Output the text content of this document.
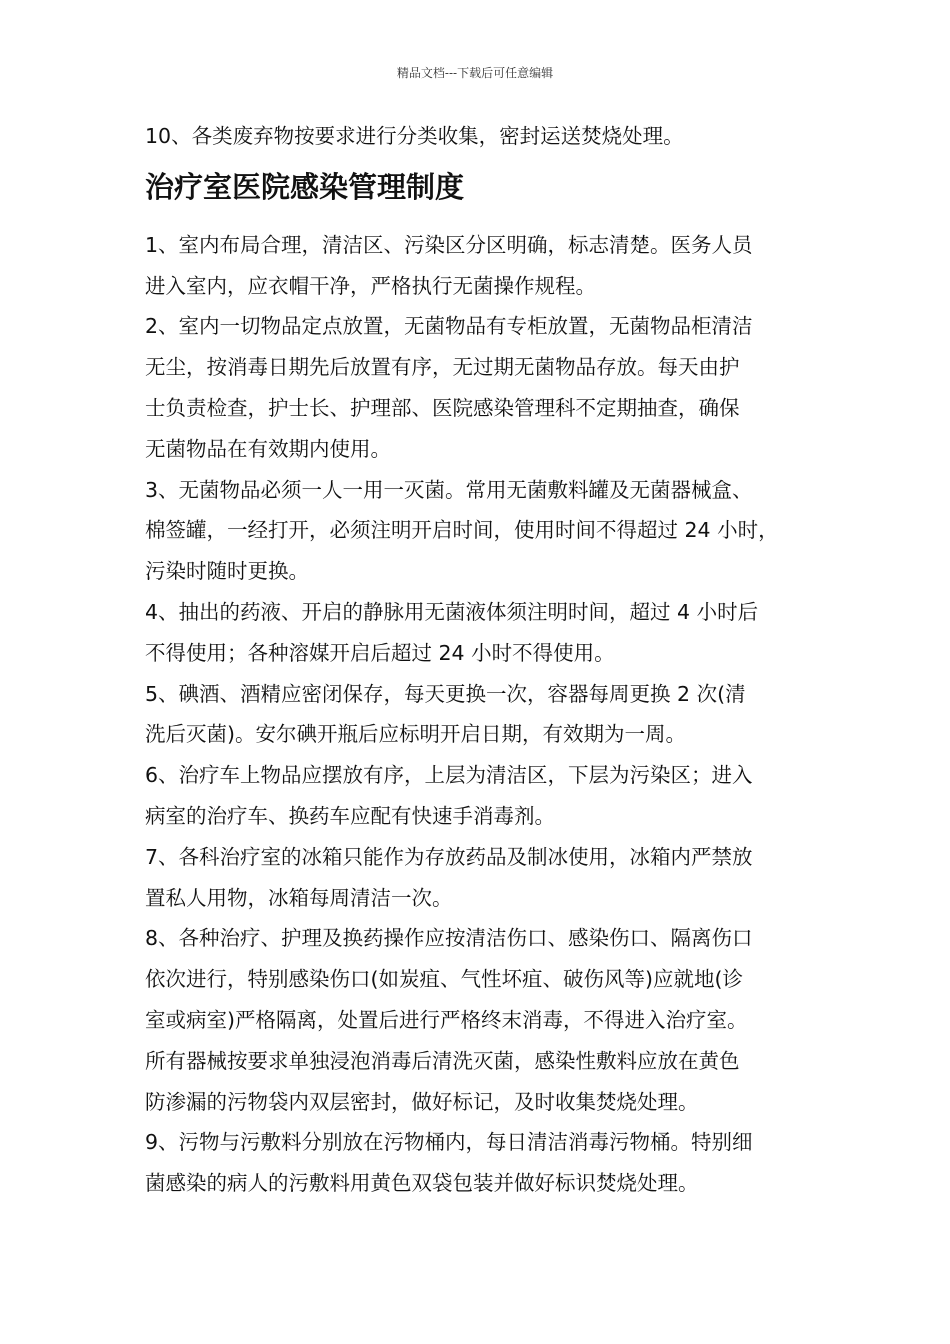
精品文档---下载后可任意编辑
10、各类废弃物按要求进行分类收集，密封运送焚烧处理。
治疗室医院感染管理制度
1、室内布局合理，清洁区、污染区分区明确，标志清楚。医务人员
进入室内，应衣帽干净，严格执行无菌操作规程。
2、室内一切物品定点放置，无菌物品有专柜放置，无菌物品柜清洁
无尘，按消毒日期先后放置有序，无过期无菌物品存放。每天由护
士负责检查，护士长、护理部、医院感染管理科不定期抽查，确保
无菌物品在有效期内使用。
3、无菌物品必须一人一用一灭菌。常用无菌敷料罐及无菌器械盒、
棉签罐，一经打开，必须注明开启时间，使用时间不得超过 24 小时，
污染时随时更换。
4、抽出的药液、开启的静脉用无菌液体须注明时间，超过 4 小时后
不得使用；各种溶媒开启后超过 24 小时不得使用。
5、碘酒、酒精应密闭保存，每天更换一次，容器每周更换 2 次(清
洗后灭菌)。安尔碘开瓶后应标明开启日期，有效期为一周。
6、治疗车上物品应摆放有序，上层为清洁区，下层为污染区；进入
病室的治疗车、换药车应配有快速手消毒剂。
7、各科治疗室的冰箱只能作为存放药品及制冰使用，冰箱内严禁放
置私人用物，冰箱每周清洁一次。
8、各种治疗、护理及换药操作应按清洁伤口、感染伤口、隔离伤口
依次进行，特别感染伤口(如炭疽、气性坏疽、破伤风等)应就地(诊
室或病室)严格隔离，处置后进行严格终末消毒，不得进入治疗室。
所有器械按要求单独浸泡消毒后清洗灭菌，感染性敷料应放在黄色
防渗漏的污物袋内双层密封，做好标记，及时收集焚烧处理。
9、污物与污敷料分别放在污物桶内，每日清洁消毒污物桶。特别细
菌感染的病人的污敷料用黄色双袋包装并做好标识焚烧处理。
